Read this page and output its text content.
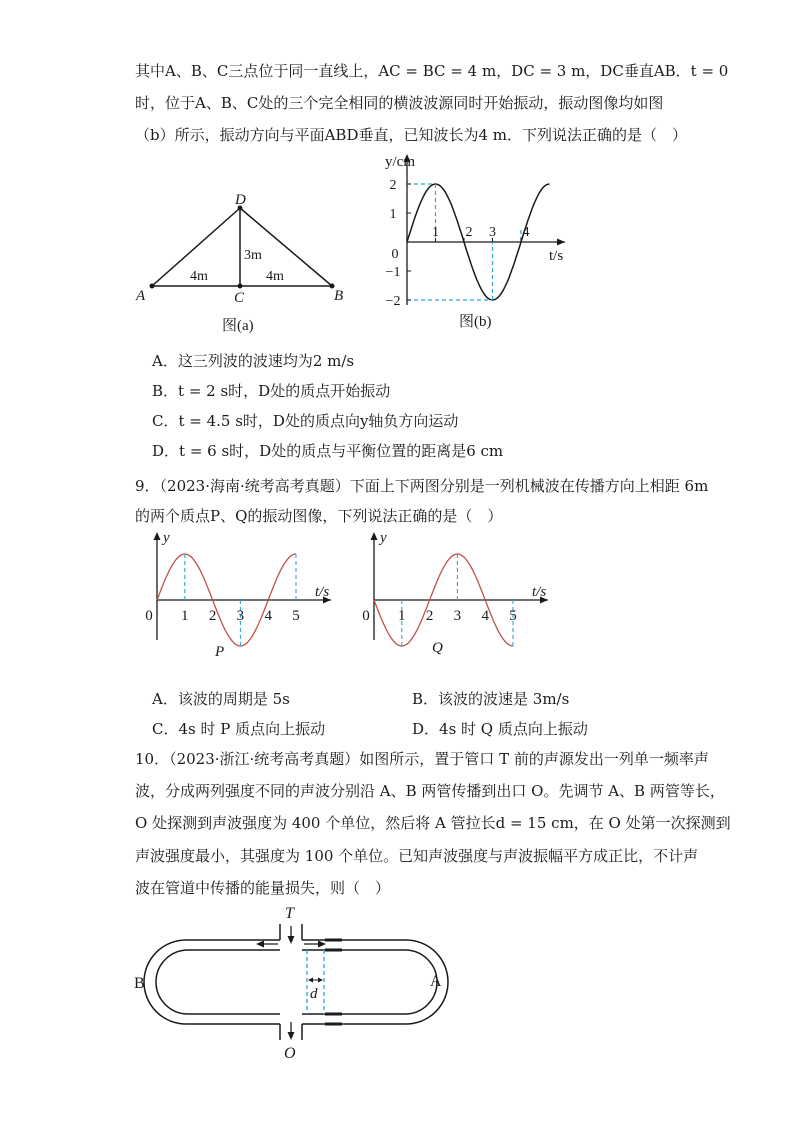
其中A、B、C三点位于同一直线上，AC = BC = 4 m，DC = 3 m，DC垂直AB．t = 0
时，位于A、B、C处的三个完全相同的横波波源同时开始振动，振动图像均如图
（b）所示，振动方向与平面ABD垂直，已知波长为4 m．下列说法正确的是（　）
D
A	C	B
3m
4m	4m
图(a)
y/cm
t/s
2
1
0
−1
−2
1 2 3 4
图(b)
A．这三列波的波速均为2 m/s
B．t = 2 s时，D处的质点开始振动
C．t = 4.5 s时，D处的质点向y轴负方向运动
D．t = 6 s时，D处的质点与平衡位置的距离是6 cm
9．（2023·海南·统考高考真题）下面上下两图分别是一列机械波在传播方向上相距 6m
的两个质点P、Q的振动图像，下列说法正确的是（　）
y
t/s
0 1 2 3 4 5
P
y
t/s
0 1 2 3 4 5
Q
A．该波的周期是 5s	B．该波的波速是 3m/s
C．4s 时 P 质点向上振动	D．4s 时 Q 质点向上振动
10．（2023·浙江·统考高考真题）如图所示，置于管口 T 前的声源发出一列单一频率声
波，分成两列强度不同的声波分别沿 A、B 两管传播到出口 O。先调节 A、B 两管等长，
O 处探测到声波强度为 400 个单位，然后将 A 管拉长d = 15 cm，在 O 处第一次探测到
声波强度最小，其强度为 100 个单位。已知声波强度与声波振幅平方成正比，不计声
波在管道中传播的能量损失，则（　）
T
O
d
B	A
